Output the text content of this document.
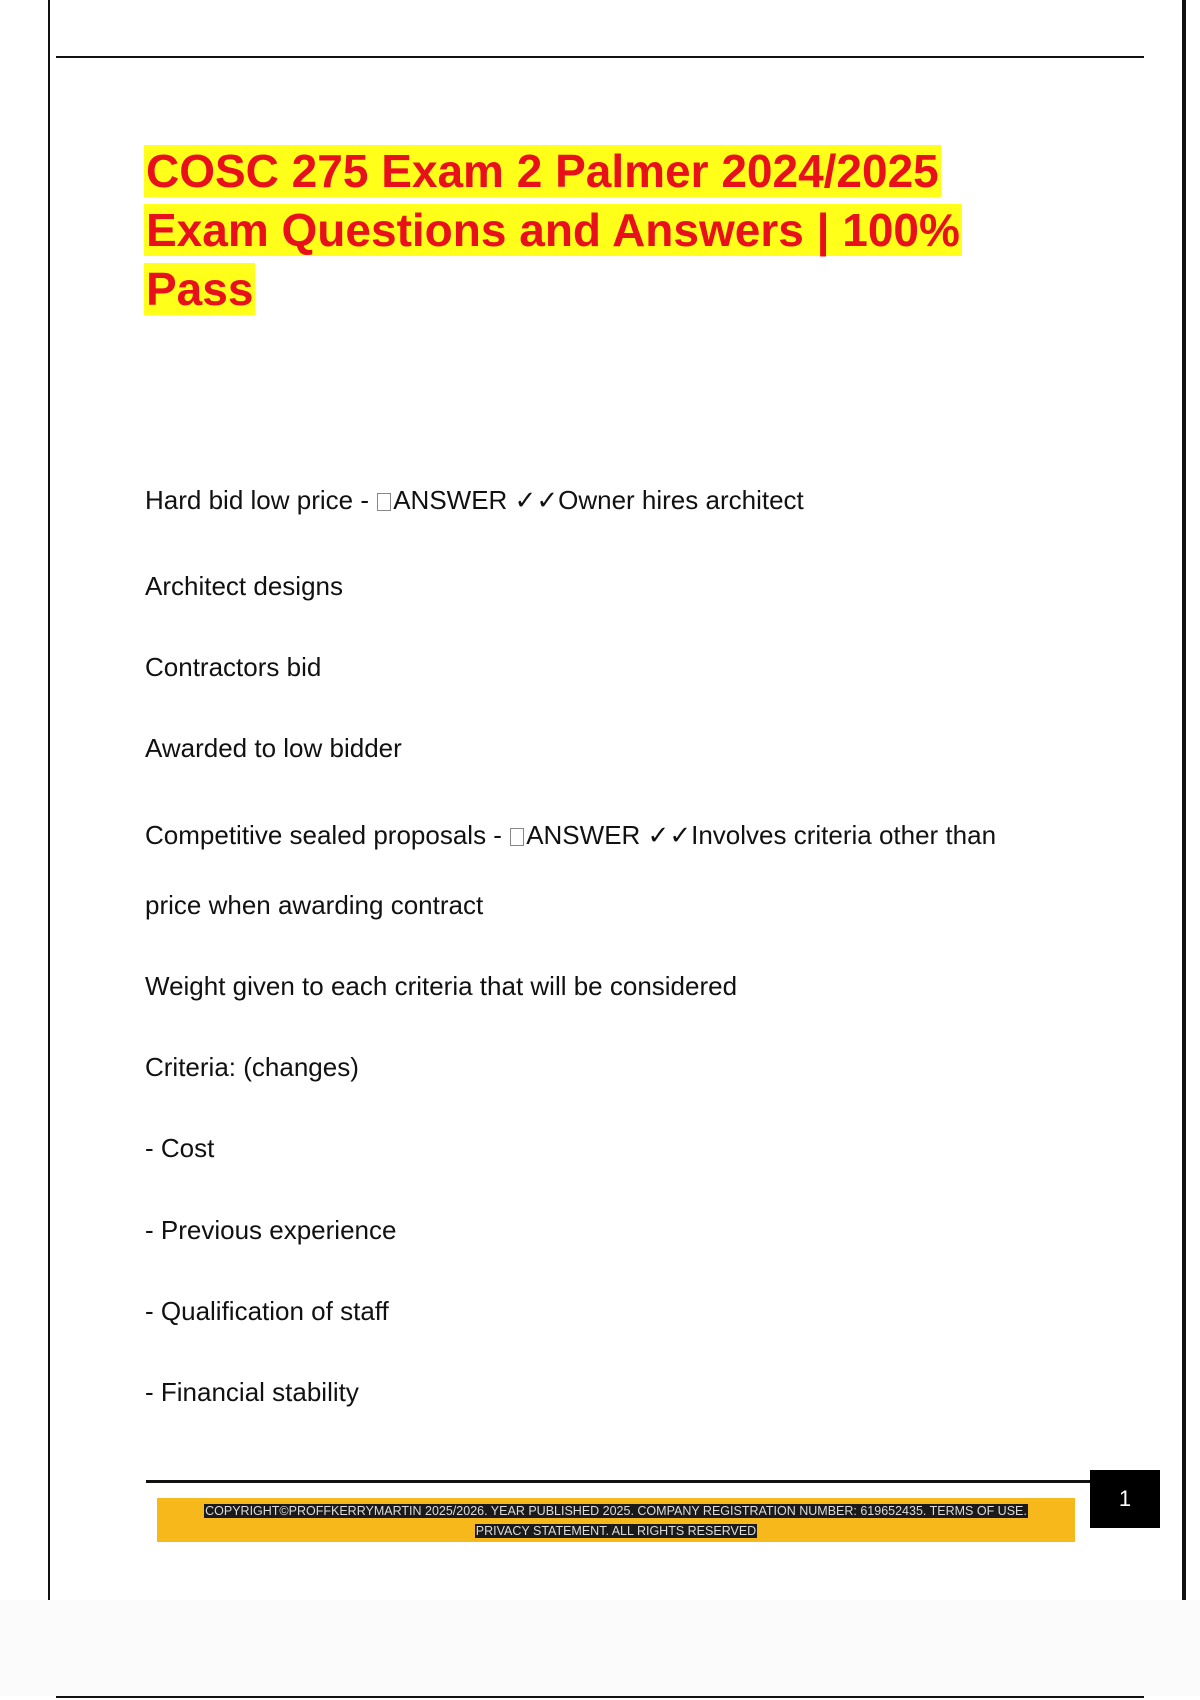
COSC 275 Exam 2 Palmer 2024/2025 Exam Questions and Answers | 100% Pass
Hard bid low price - ANSWER ✓✓Owner hires architect
Architect designs
Contractors bid
Awarded to low bidder
Competitive sealed proposals - ANSWER ✓✓Involves criteria other than
price when awarding contract
Weight given to each criteria that will be considered
Criteria: (changes)
- Cost
- Previous experience
- Qualification of staff
- Financial stability
COPYRIGHT©PROFFKERRYMARTIN 2025/2026. YEAR PUBLISHED 2025. COMPANY REGISTRATION NUMBER: 619652435. TERMS OF USE.
PRIVACY STATEMENT. ALL RIGHTS RESERVED
1
